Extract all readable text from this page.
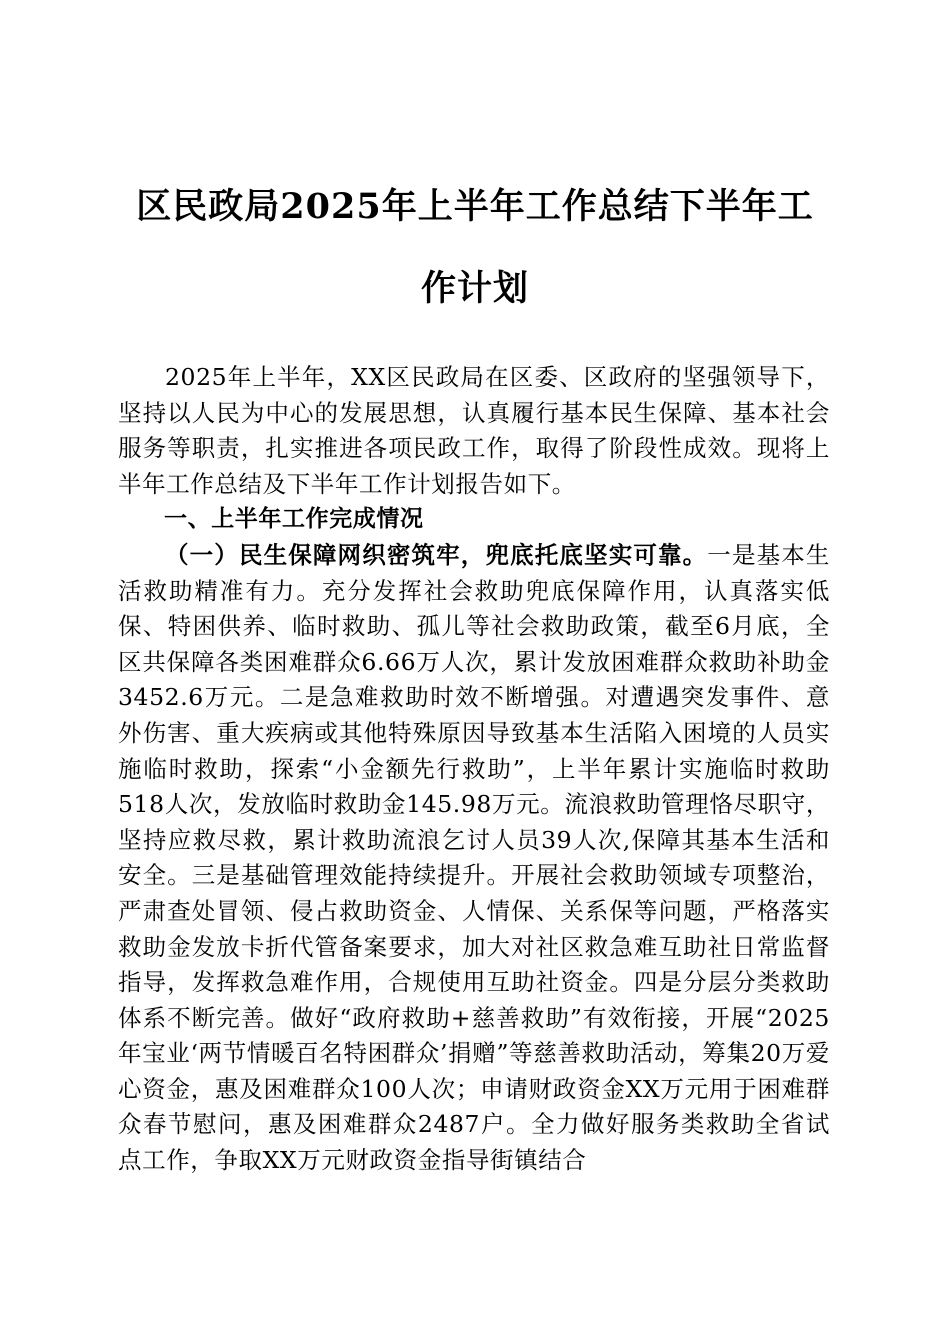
区民政局2025年上半年工作总结下半年工作计划

2025年上半年，XX区民政局在区委、区政府的坚强领导下，坚持以人民为中心的发展思想，认真履行基本民生保障、基本社会服务等职责，扎实推进各项民政工作，取得了阶段性成效。现将上半年工作总结及下半年工作计划报告如下。

一、上半年工作完成情况

（一）民生保障网织密筑牢，兜底托底坚实可靠。一是基本生活救助精准有力。充分发挥社会救助兜底保障作用，认真落实低保、特困供养、临时救助、孤儿等社会救助政策，截至6月底，全区共保障各类困难群众6.66万人次，累计发放困难群众救助补助金3452.6万元。二是急难救助时效不断增强。对遭遇突发事件、意外伤害、重大疾病或其他特殊原因导致基本生活陷入困境的人员实施临时救助，探索“小金额先行救助”，上半年累计实施临时救助518人次，发放临时救助金145.98万元。流浪救助管理恪尽职守，坚持应救尽救，累计救助流浪乞讨人员39人次,保障其基本生活和安全。三是基础管理效能持续提升。开展社会救助领域专项整治，严肃查处冒领、侵占救助资金、人情保、关系保等问题，严格落实救助金发放卡折代管备案要求，加大对社区救急难互助社日常监督指导，发挥救急难作用，合规使用互助社资金。四是分层分类救助体系不断完善。做好“政府救助+慈善救助”有效衔接，开展“2025年宝业‘两节情暖百名特困群众’捐赠”等慈善救助活动，筹集20万爱心资金，惠及困难群众100人次；申请财政资金XX万元用于困难群众春节慰问，惠及困难群众2487户。全力做好服务类救助全省试点工作，争取XX万元财政资金指导街镇结合
